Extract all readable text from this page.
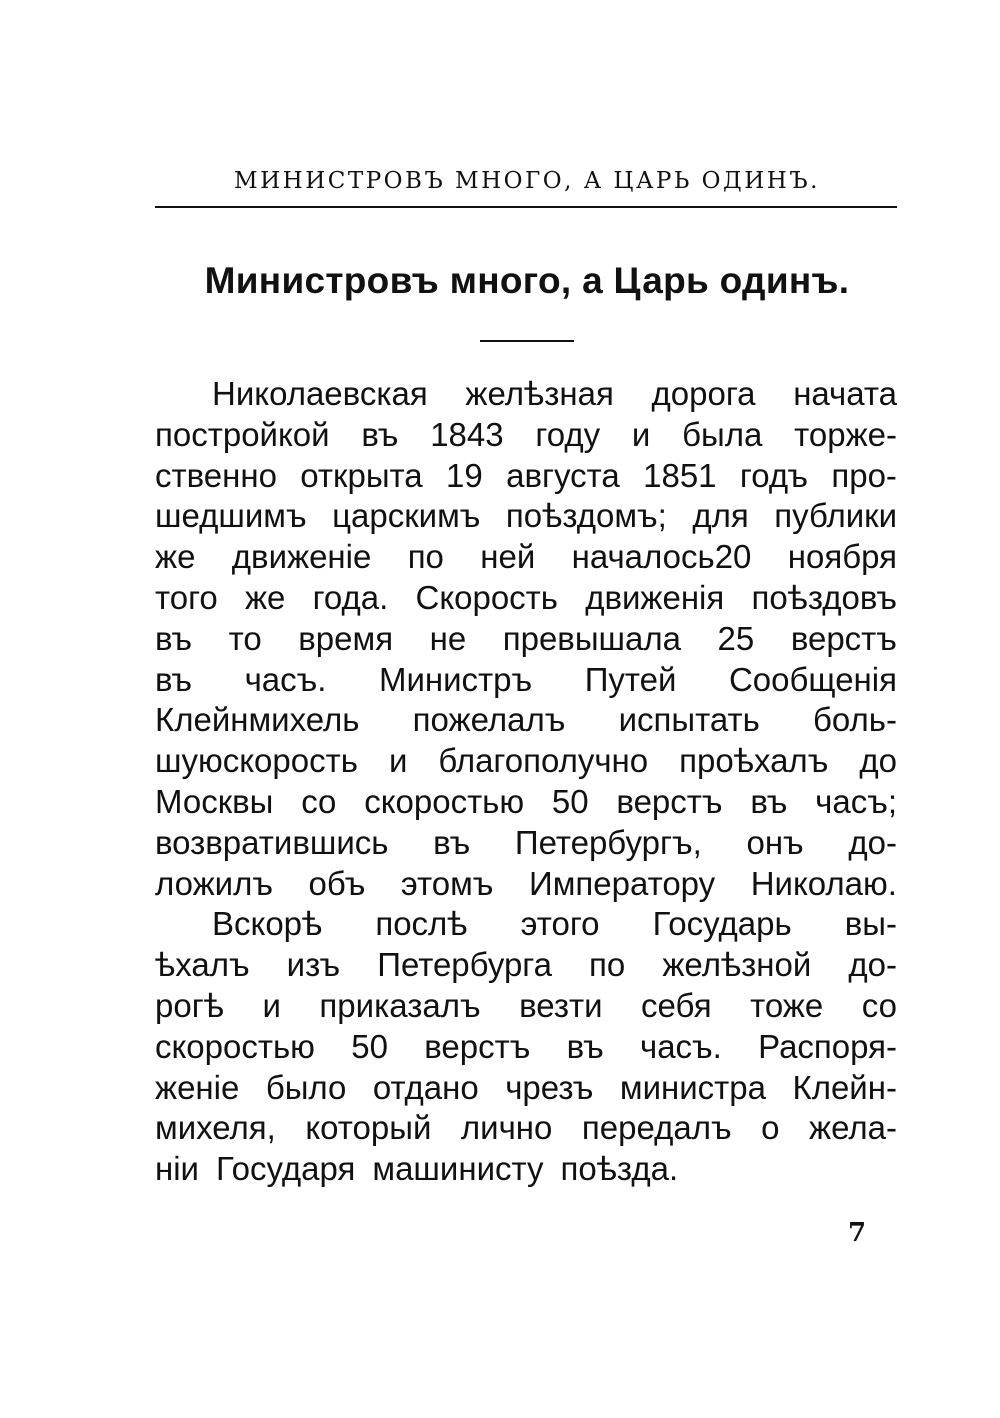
МИНИСТРОВЪ МНОГО, А ЦАРЬ ОДИНЪ.
Министровъ много, а Царь одинъ.
Николаевская желѣзная дорога начата
постройкой въ 1843 году и была торже-
ственно открыта 19 августа 1851 годъ про-
шедшимъ царскимъ поѣздомъ; для публики
же движеніе по ней началось20 ноября
того же года. Скорость движенія поѣздовъ
въ то время не превышала 25 верстъ
въ часъ. Министръ Путей Сообщенія
Клейнмихель пожелалъ испытать боль-
шуюскорость и благополучно проѣхалъ до
Москвы со скоростью 50 верстъ въ часъ;
возвратившись въ Петербургъ, онъ до-
ложилъ объ этомъ Императору Николаю.
Вскорѣ послѣ этого Государь вы-
ѣхалъ изъ Петербурга по желѣзной до-
рогѣ и приказалъ везти себя тоже со
скоростью 50 верстъ въ часъ. Распоря-
женіе было отдано чрезъ министра Клейн-
михеля, который лично передалъ о жела-
ніи Государя машинисту поѣзда.
7
